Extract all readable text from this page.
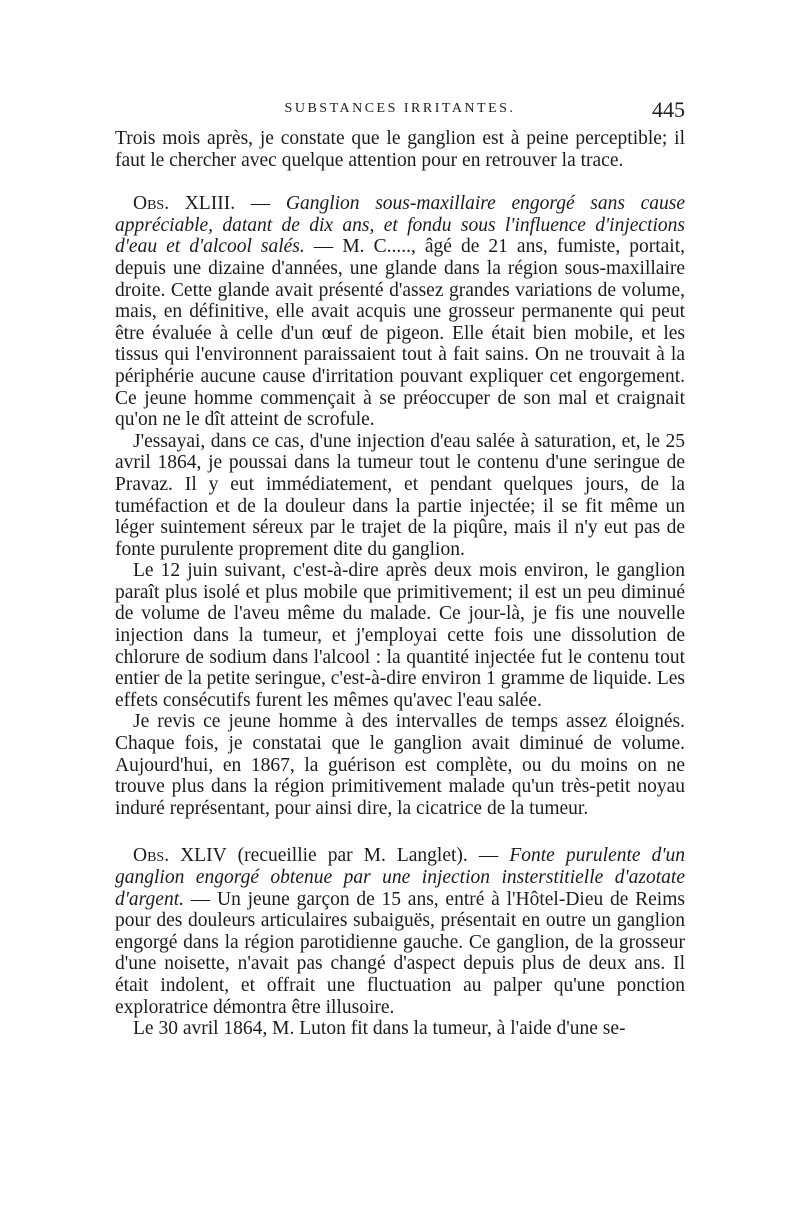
SUBSTANCES IRRITANTES.	445

Trois mois après, je constate que le ganglion est à peine perceptible; il faut le chercher avec quelque attention pour en retrouver la trace.

Obs. XLIII. — Ganglion sous-maxillaire engorgé sans cause appréciable, datant de dix ans, et fondu sous l'influence d'injections d'eau et d'alcool salés. — M. C....., âgé de 21 ans, fumiste, portait, depuis une dizaine d'années, une glande dans la région sous-maxillaire droite. Cette glande avait présenté d'assez grandes variations de volume, mais, en définitive, elle avait acquis une grosseur permanente qui peut être évaluée à celle d'un œuf de pigeon. Elle était bien mobile, et les tissus qui l'environnent paraissaient tout à fait sains. On ne trouvait à la périphérie aucune cause d'irritation pouvant expliquer cet engorgement. Ce jeune homme commençait à se préoccuper de son mal et craignait qu'on ne le dît atteint de scrofule.

J'essayai, dans ce cas, d'une injection d'eau salée à saturation, et, le 25 avril 1864, je poussai dans la tumeur tout le contenu d'une seringue de Pravaz. Il y eut immédiatement, et pendant quelques jours, de la tuméfaction et de la douleur dans la partie injectée; il se fit même un léger suintement séreux par le trajet de la piqûre, mais il n'y eut pas de fonte purulente proprement dite du ganglion.

Le 12 juin suivant, c'est-à-dire après deux mois environ, le ganglion paraît plus isolé et plus mobile que primitivement; il est un peu diminué de volume de l'aveu même du malade. Ce jour-là, je fis une nouvelle injection dans la tumeur, et j'employai cette fois une dissolution de chlorure de sodium dans l'alcool : la quantité injectée fut le contenu tout entier de la petite seringue, c'est-à-dire environ 1 gramme de liquide. Les effets consécutifs furent les mêmes qu'avec l'eau salée.

Je revis ce jeune homme à des intervalles de temps assez éloignés. Chaque fois, je constatai que le ganglion avait diminué de volume. Aujourd'hui, en 1867, la guérison est complète, ou du moins on ne trouve plus dans la région primitivement malade qu'un très-petit noyau induré représentant, pour ainsi dire, la cicatrice de la tumeur.

Obs. XLIV (recueillie par M. Langlet). — Fonte purulente d'un ganglion engorgé obtenue par une injection insterstitielle d'azotate d'argent. — Un jeune garçon de 15 ans, entré à l'Hôtel-Dieu de Reims pour des douleurs articulaires subaiguës, présentait en outre un ganglion engorgé dans la région parotidienne gauche. Ce ganglion, de la grosseur d'une noisette, n'avait pas changé d'aspect depuis plus de deux ans. Il était indolent, et offrait une fluctuation au palper qu'une ponction exploratrice démontra être illusoire.

Le 30 avril 1864, M. Luton fit dans la tumeur, à l'aide d'une se-
